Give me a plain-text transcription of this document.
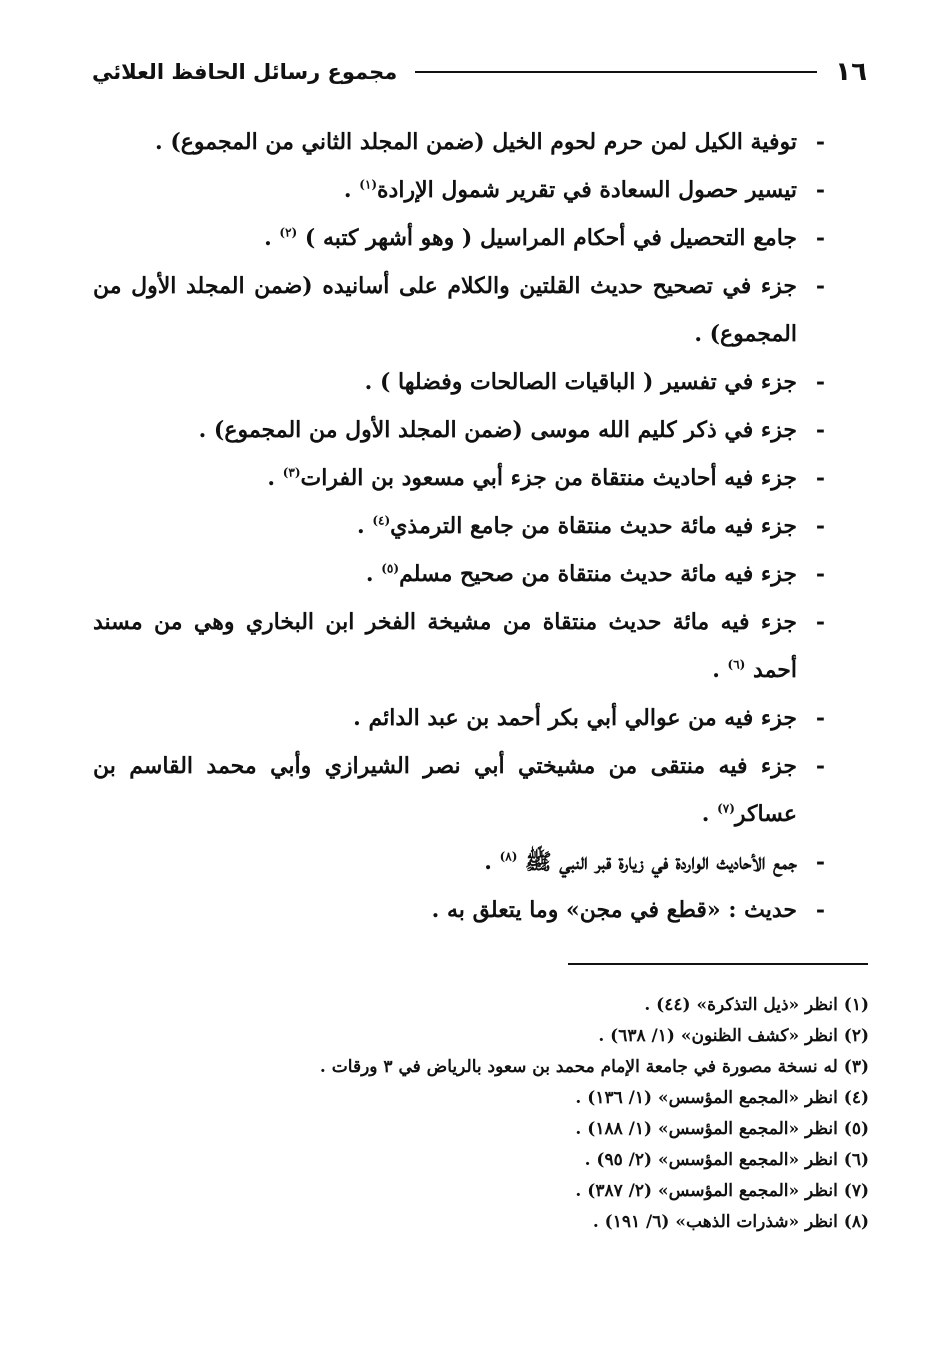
١٦
مجموع رسائل الحافظ العلائي
-
توفية الكيل لمن حرم لحوم الخيل (ضمن المجلد الثاني من المجموع) .
-
تيسير حصول السعادة في تقرير شمول الإرادة$^{(١)}$ .
-
جامع التحصيل في أحكام المراسيل ( وهو أشهر كتبه ) $^{(٢)}$ .
-
جزء في تصحيح حديث القلتين والكلام على أسانيده (ضمن المجلد الأول من المجموع) .
-
جزء في تفسير ( الباقيات الصالحات وفضلها ) .
-
جزء في ذكر كليم الله موسى (ضمن المجلد الأول من المجموع) .
-
جزء فيه أحاديث منتقاة من جزء أبي مسعود بن الفرات$^{(٣)}$ .
-
جزء فيه مائة حديث منتقاة من جامع الترمذي$^{(٤)}$ .
-
جزء فيه مائة حديث منتقاة من صحيح مسلم$^{(٥)}$ .
-
جزء فيه مائة حديث منتقاة من مشيخة الفخر ابن البخاري وهي من مسند أحمد $^{(٦)}$ .
-
جزء فيه من عوالي أبي بكر أحمد بن عبد الدائم .
-
جزء فيه منتقى من مشيختي أبي نصر الشيرازي وأبي محمد القاسم بن عساكر$^{(٧)}$ .
-
جمع الأحاديث الواردة في زيارة قبر النبي ﷺ $^{(٨)}$ .
-
حديث : «قطع في مجن» وما يتعلق به .
(١) انظر «ذيل التذكرة» (٤٤) .
(٢) انظر «كشف الظنون» (١/ ٦٣٨) .
(٣) له نسخة مصورة في جامعة الإمام محمد بن سعود بالرياض في ٣ ورقات .
(٤) انظر «المجمع المؤسس» (١/ ١٣٦) .
(٥) انظر «المجمع المؤسس» (١/ ١٨٨) .
(٦) انظر «المجمع المؤسس» (٢/ ٩٥) .
(٧) انظر «المجمع المؤسس» (٢/ ٣٨٧) .
(٨) انظر «شذرات الذهب» (٦/ ١٩١) .
